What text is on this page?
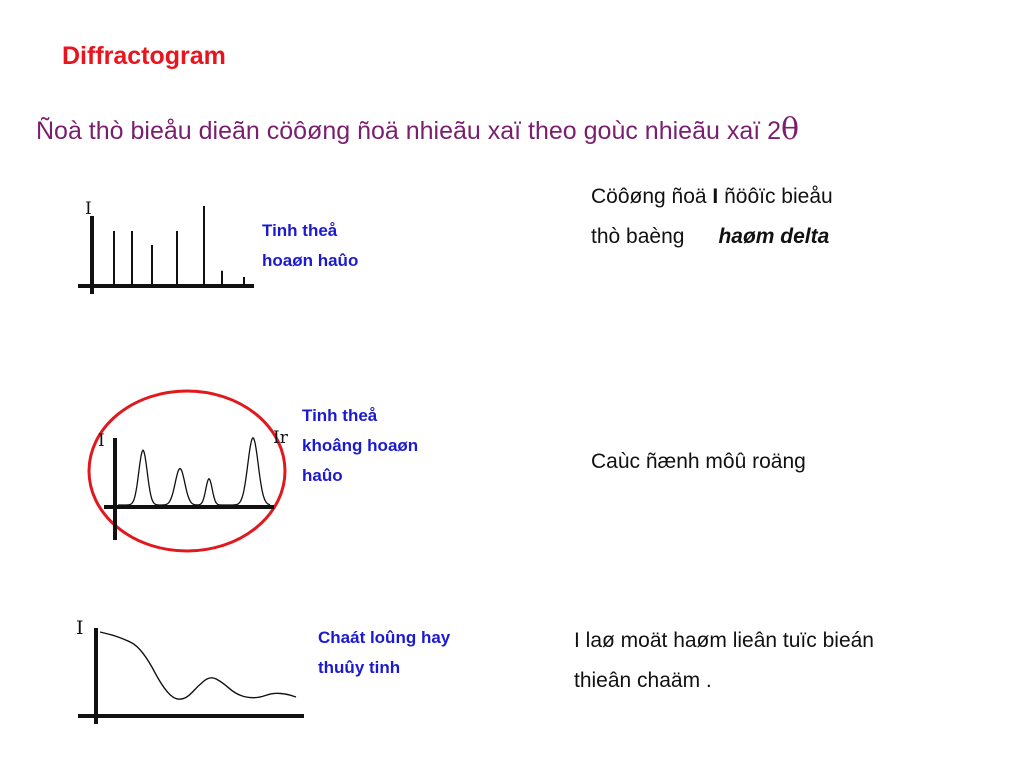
Diffractogram
Ñoà thò bieåu dieãn cöôøng ñoä nhieãu xaï theo goùc nhieãu xaï 2θ
I
Tinh theå
hoaøn haûo
Cöôøng ñoä I ñöôïc bieåu
thò baèng haøm delta
I	Ir
Tinh theå
khoâng hoaøn
haûo
Caùc ñænh môû roäng
I	Chaát loûng hay
thuûy tinh
I laø moät haøm lieân tuïc bieán
thieân chaäm .
